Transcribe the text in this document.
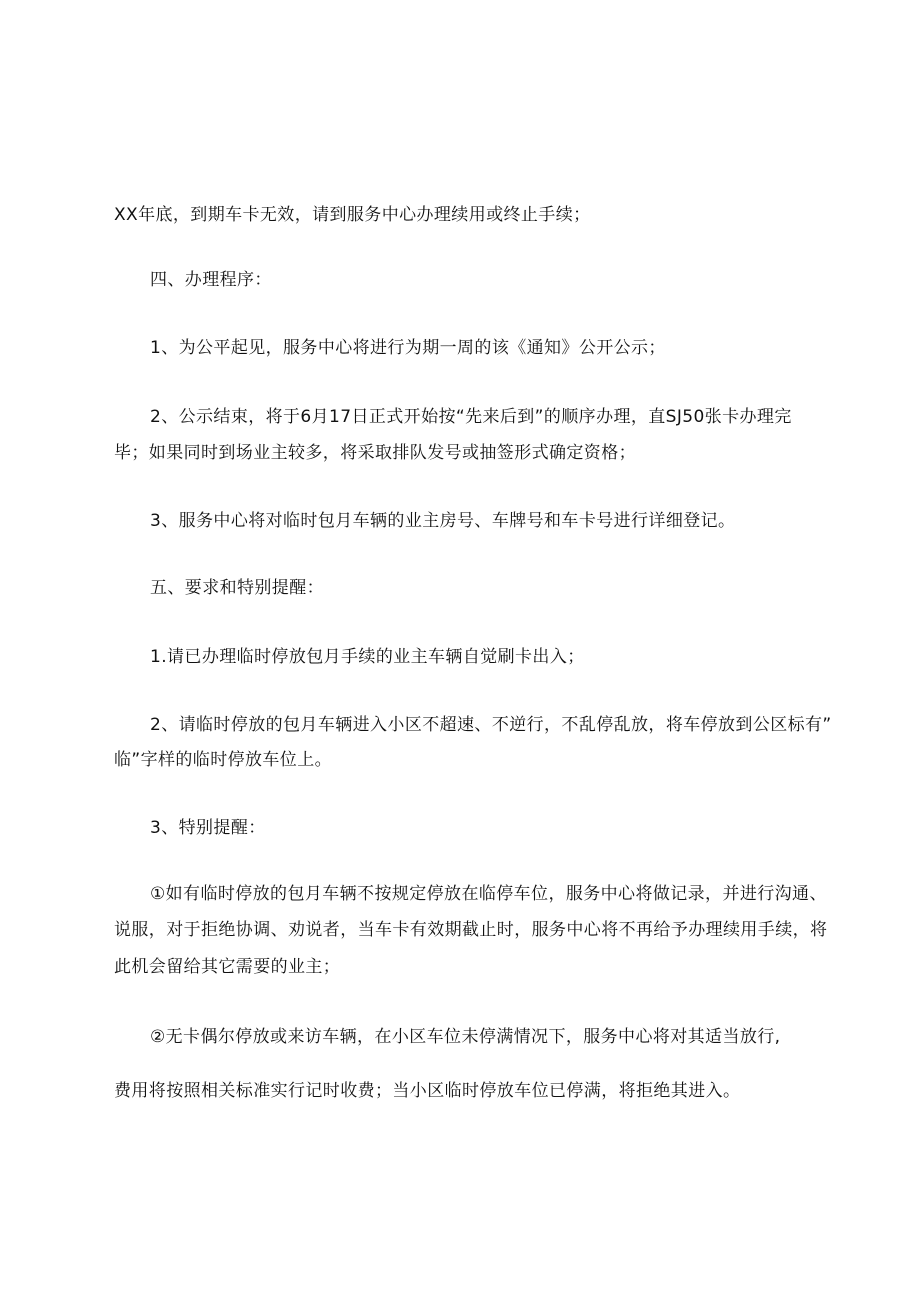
XX年底，到期车卡无效，请到服务中心办理续用或终止手续；
四、办理程序：
1、为公平起见，服务中心将进行为期一周的该《通知》公开公示；
2、公示结束，将于6月17日正式开始按“先来后到”的顺序办理，直SJ50张卡办理完
毕；如果同时到场业主较多，将采取排队发号或抽签形式确定资格；
3、服务中心将对临时包月车辆的业主房号、车牌号和车卡号进行详细登记。
五、要求和特别提醒：
1.请已办理临时停放包月手续的业主车辆自觉刷卡出入；
2、请临时停放的包月车辆进入小区不超速、不逆行，不乱停乱放，将车停放到公区标有”
临”字样的临时停放车位上。
3、特别提醒：
①如有临时停放的包月车辆不按规定停放在临停车位，服务中心将做记录，并进行沟通、
说服，对于拒绝协调、劝说者，当车卡有效期截止时，服务中心将不再给予办理续用手续，将
此机会留给其它需要的业主；
②无卡偶尔停放或来访车辆，在小区车位未停满情况下，服务中心将对其适当放行,
费用将按照相关标准实行记时收费；当小区临时停放车位已停满，将拒绝其进入。
